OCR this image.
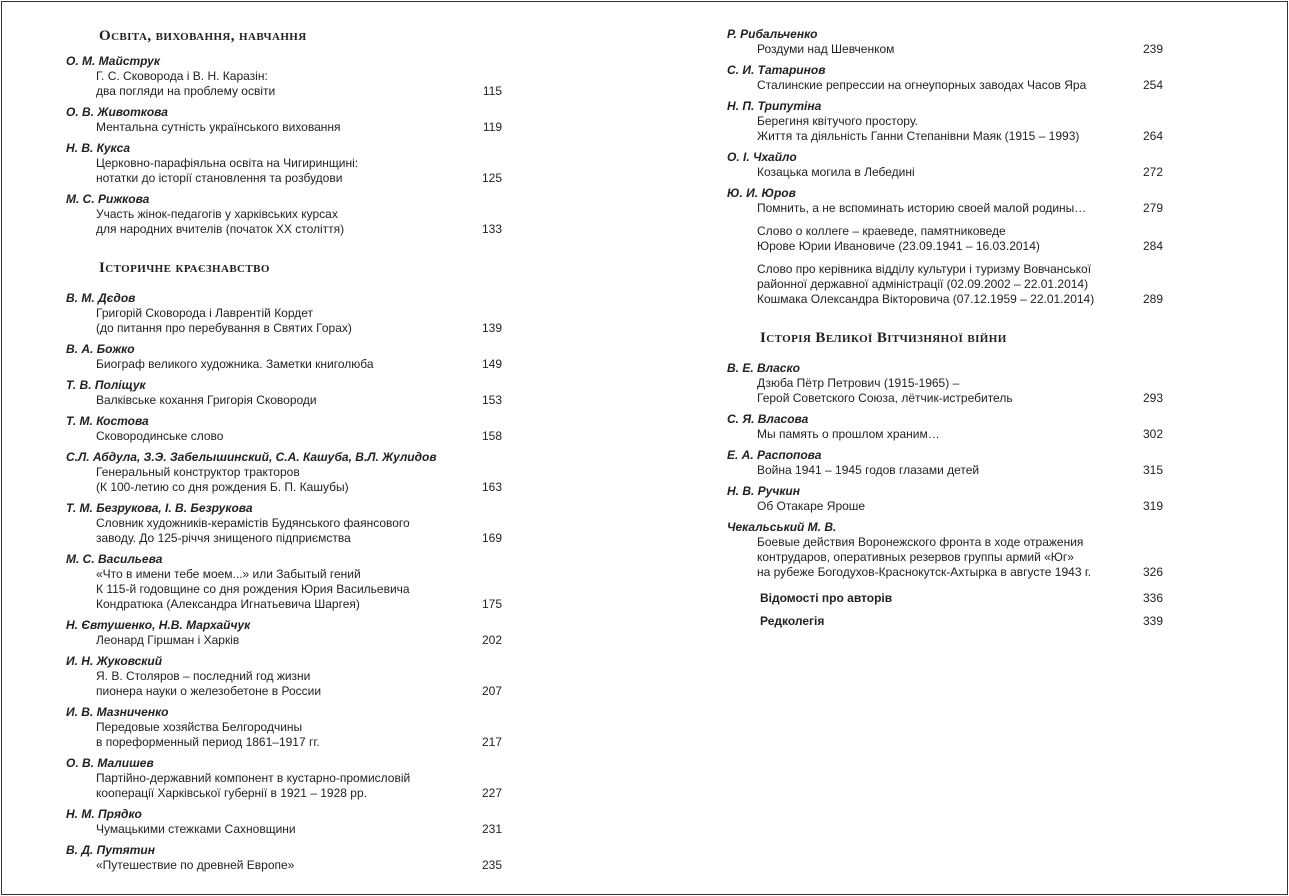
Освіта, виховання, навчання
О. М. Майструк
Г. С. Сковорода і В. Н. Каразін:
два погляди на проблему освіти	115
О. В. Животкова
Ментальна сутність українського виховання	119
Н. В. Кукса
Церковно-парафіяльна освіта на Чигиринщині:
нотатки до історії становлення та розбудови	125
М. С. Рижкова
Участь жінок-педагогів у харківських курсах
для народних вчителів (початок XX століття)	133
Історичне краєзнавство
В. М. Дєдов
Григорій Сковорода і Лаврентій Кордет
(до питання про перебування в Святих Горах)	139
В. А. Божко
Биограф великого художника. Заметки книголюба	149
Т. В. Поліщук
Валківське кохання Григорія Сковороди	153
Т. М. Костова
Сковородинське слово	158
С.Л. Абдула, З.Э. Забелышинский, С.А. Кашуба, В.Л. Жулидов
Генеральный конструктор тракторов
(К 100-летию со дня рождения Б. П. Кашубы)	163
Т. М. Безрукова, І. В. Безрукова
Словник художників-керамістів Будянського фаянсового
заводу. До 125-річчя знищеного підприємства	169
М. С. Васильева
«Что в имени тебе моем...» или Забытый гений
К 115-й годовщине со дня рождения Юрия Васильевича
Кондратюка (Александра Игнатьевича Шаргея)	175
Н. Євтушенко, Н.В. Мархайчук
Леонард Гіршман і Харків	202
И. Н. Жуковский
Я. В. Столяров – последний год жизни
пионера науки о железобетоне в России	207
И. В. Мазниченко
Передовые хозяйства Белгородчины
в пореформенный период 1861–1917 гг.	217
О. В. Малишев
Партійно-державний компонент в кустарно-промисловій
кооперації Харківської губернії в 1921 – 1928 рр.	227
Н. М. Прядко
Чумацькими стежками Сахновщини	231
В. Д. Путятин
«Путешествие по древней Европе»	235
Р. Рибальченко
Роздуми над Шевченком	239
С. И. Татаринов
Сталинские репрессии на огнеупорных заводах Часов Яра	254
Н. П. Трипутіна
Берегиня квітучого простору.
Життя та діяльність Ганни Степанівни Маяк (1915 – 1993)	264
О. І. Чхайло
Козацька могила в Лебедині	272
Ю. И. Юров
Помнить, а не вспоминать историю своей малой родины…	279
Слово о коллеге – краеведе, памятниковеде
Юрове Юрии Ивановиче (23.09.1941 – 16.03.2014)	284
Слово про керівника відділу культури і туризму Вовчанської
районної державної адміністрації (02.09.2002 – 22.01.2014)
Кошмака Олександра Вікторовича (07.12.1959 – 22.01.2014)	289
Історія Великої Вітчизняної війни
В. Е. Власко
Дзюба Пётр Петрович (1915-1965) –
Герой Советского Союза, лётчик-истребитель	293
С. Я. Власова
Мы память о прошлом храним…	302
Е. А. Распопова
Война 1941 – 1945 годов глазами детей	315
Н. В. Ручкин
Об Отакаре Яроше	319
Чекальський М. В.
Боевые действия Воронежского фронта в ходе отражения
контрударов, оперативных резервов группы армий «Юг»
на рубеже Богодухов-Краснокутск-Ахтырка в августе 1943 г.	326
Відомості про авторів	336
Редколегія	339
